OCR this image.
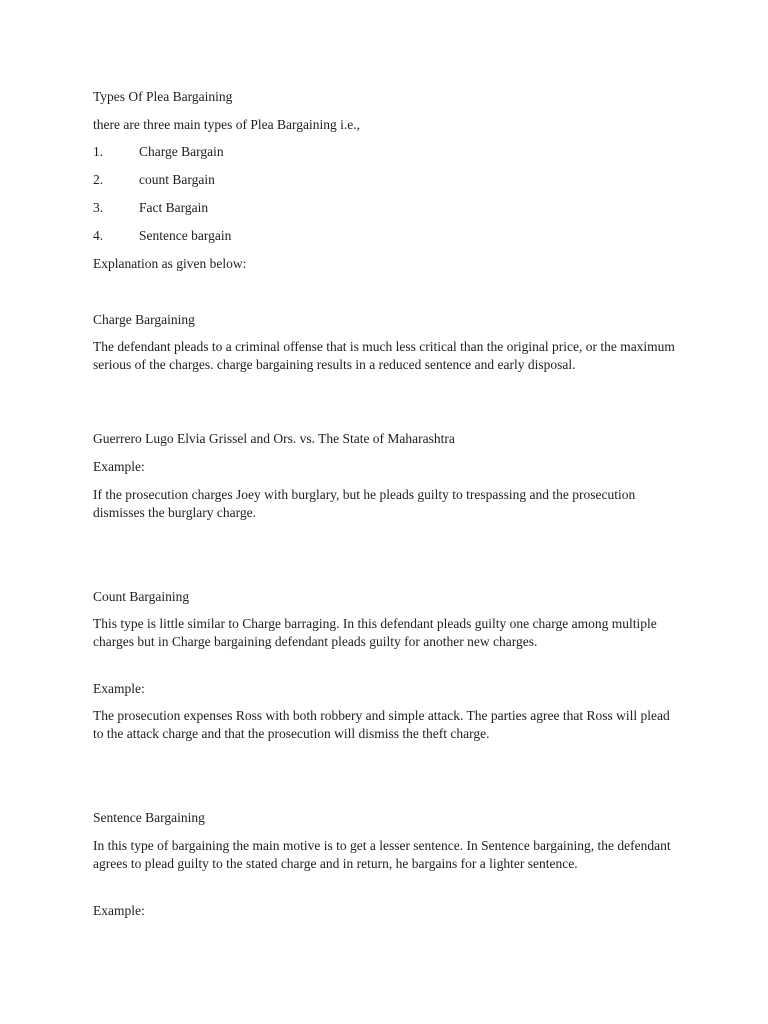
Types Of Plea Bargaining
there are three main types of Plea Bargaining i.e.,
1.	Charge Bargain
2.	count Bargain
3.	Fact Bargain
4.	Sentence bargain
Explanation as given below:
Charge Bargaining
The defendant pleads to a criminal offense that is much less critical than the original price, or the maximum serious of the charges. charge bargaining results in a reduced sentence and early disposal.
Guerrero Lugo Elvia Grissel and Ors. vs. The State of Maharashtra
Example:
If the prosecution charges Joey with burglary, but he pleads guilty to trespassing and the prosecution dismisses the burglary charge.
Count Bargaining
This type is little similar to Charge barraging. In this defendant pleads guilty one charge among multiple charges but in Charge bargaining defendant pleads guilty for another new charges.
Example:
The prosecution expenses Ross with both robbery and simple attack. The parties agree that Ross will plead to the attack charge and that the prosecution will dismiss the theft charge.
Sentence Bargaining
In this type of bargaining the main motive is to get a lesser sentence. In Sentence bargaining, the defendant agrees to plead guilty to the stated charge and in return, he bargains for a lighter sentence.
Example:
